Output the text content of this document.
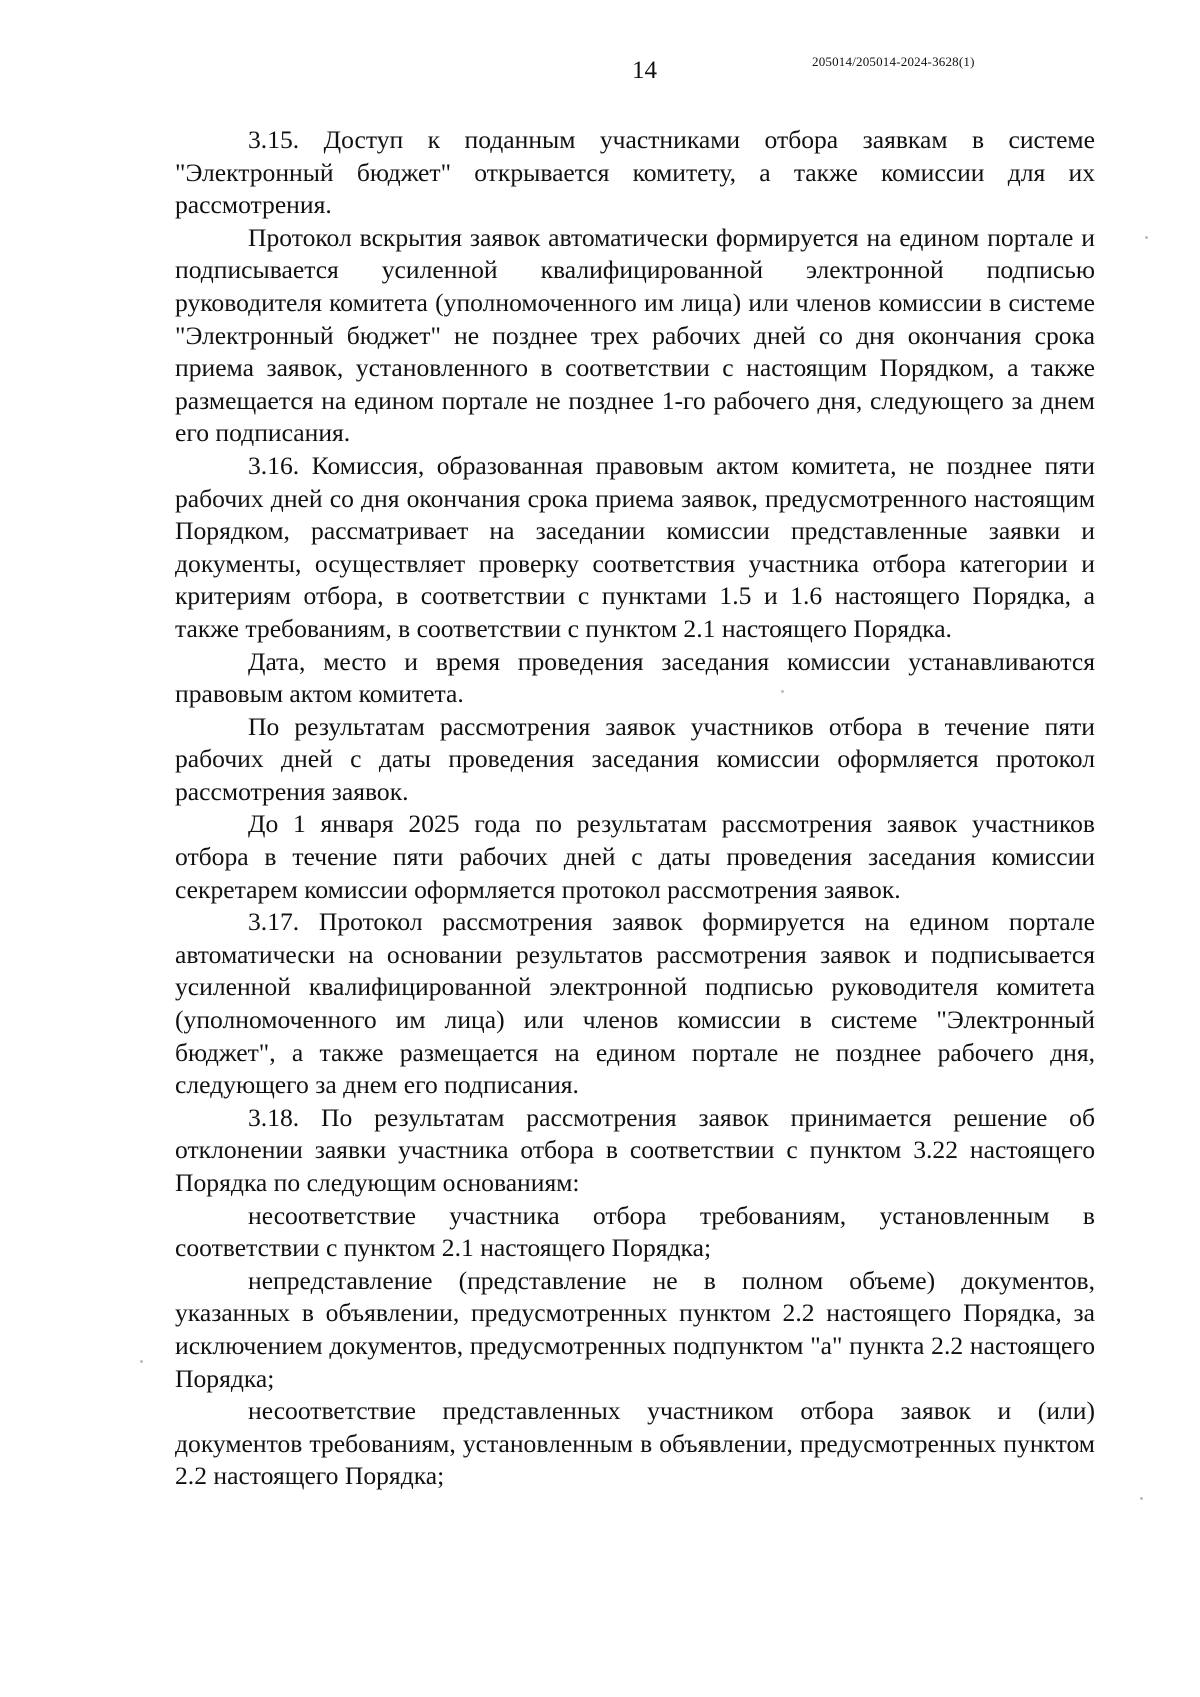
14	205014/205014-2024-3628(1)

3.15. Доступ к поданным участниками отбора заявкам в системе "Электронный бюджет" открывается комитету, а также комиссии для их рассмотрения.

Протокол вскрытия заявок автоматически формируется на едином портале и подписывается усиленной квалифицированной электронной подписью руководителя комитета (уполномоченного им лица) или членов комиссии в системе "Электронный бюджет" не позднее трех рабочих дней со дня окончания срока приема заявок, установленного в соответствии с настоящим Порядком, а также размещается на едином портале не позднее 1-го рабочего дня, следующего за днем его подписания.

3.16. Комиссия, образованная правовым актом комитета, не позднее пяти рабочих дней со дня окончания срока приема заявок, предусмотренного настоящим Порядком, рассматривает на заседании комиссии представленные заявки и документы, осуществляет проверку соответствия участника отбора категории и критериям отбора, в соответствии с пунктами 1.5 и 1.6 настоящего Порядка, а также требованиям, в соответствии с пунктом 2.1 настоящего Порядка.

Дата, место и время проведения заседания комиссии устанавливаются правовым актом комитета.

По результатам рассмотрения заявок участников отбора в течение пяти рабочих дней с даты проведения заседания комиссии оформляется протокол рассмотрения заявок.

До 1 января 2025 года по результатам рассмотрения заявок участников отбора в течение пяти рабочих дней с даты проведения заседания комиссии секретарем комиссии оформляется протокол рассмотрения заявок.

3.17. Протокол рассмотрения заявок формируется на едином портале автоматически на основании результатов рассмотрения заявок и подписывается усиленной квалифицированной электронной подписью руководителя комитета (уполномоченного им лица) или членов комиссии в системе "Электронный бюджет", а также размещается на едином портале не позднее рабочего дня, следующего за днем его подписания.

3.18. По результатам рассмотрения заявок принимается решение об отклонении заявки участника отбора в соответствии с пунктом 3.22 настоящего Порядка по следующим основаниям:

несоответствие участника отбора требованиям, установленным в соответствии с пунктом 2.1 настоящего Порядка;

непредставление (представление не в полном объеме) документов, указанных в объявлении, предусмотренных пунктом 2.2 настоящего Порядка, за исключением документов, предусмотренных подпунктом "а" пункта 2.2 настоящего Порядка;

несоответствие представленных участником отбора заявок и (или) документов требованиям, установленным в объявлении, предусмотренных пунктом 2.2 настоящего Порядка;
